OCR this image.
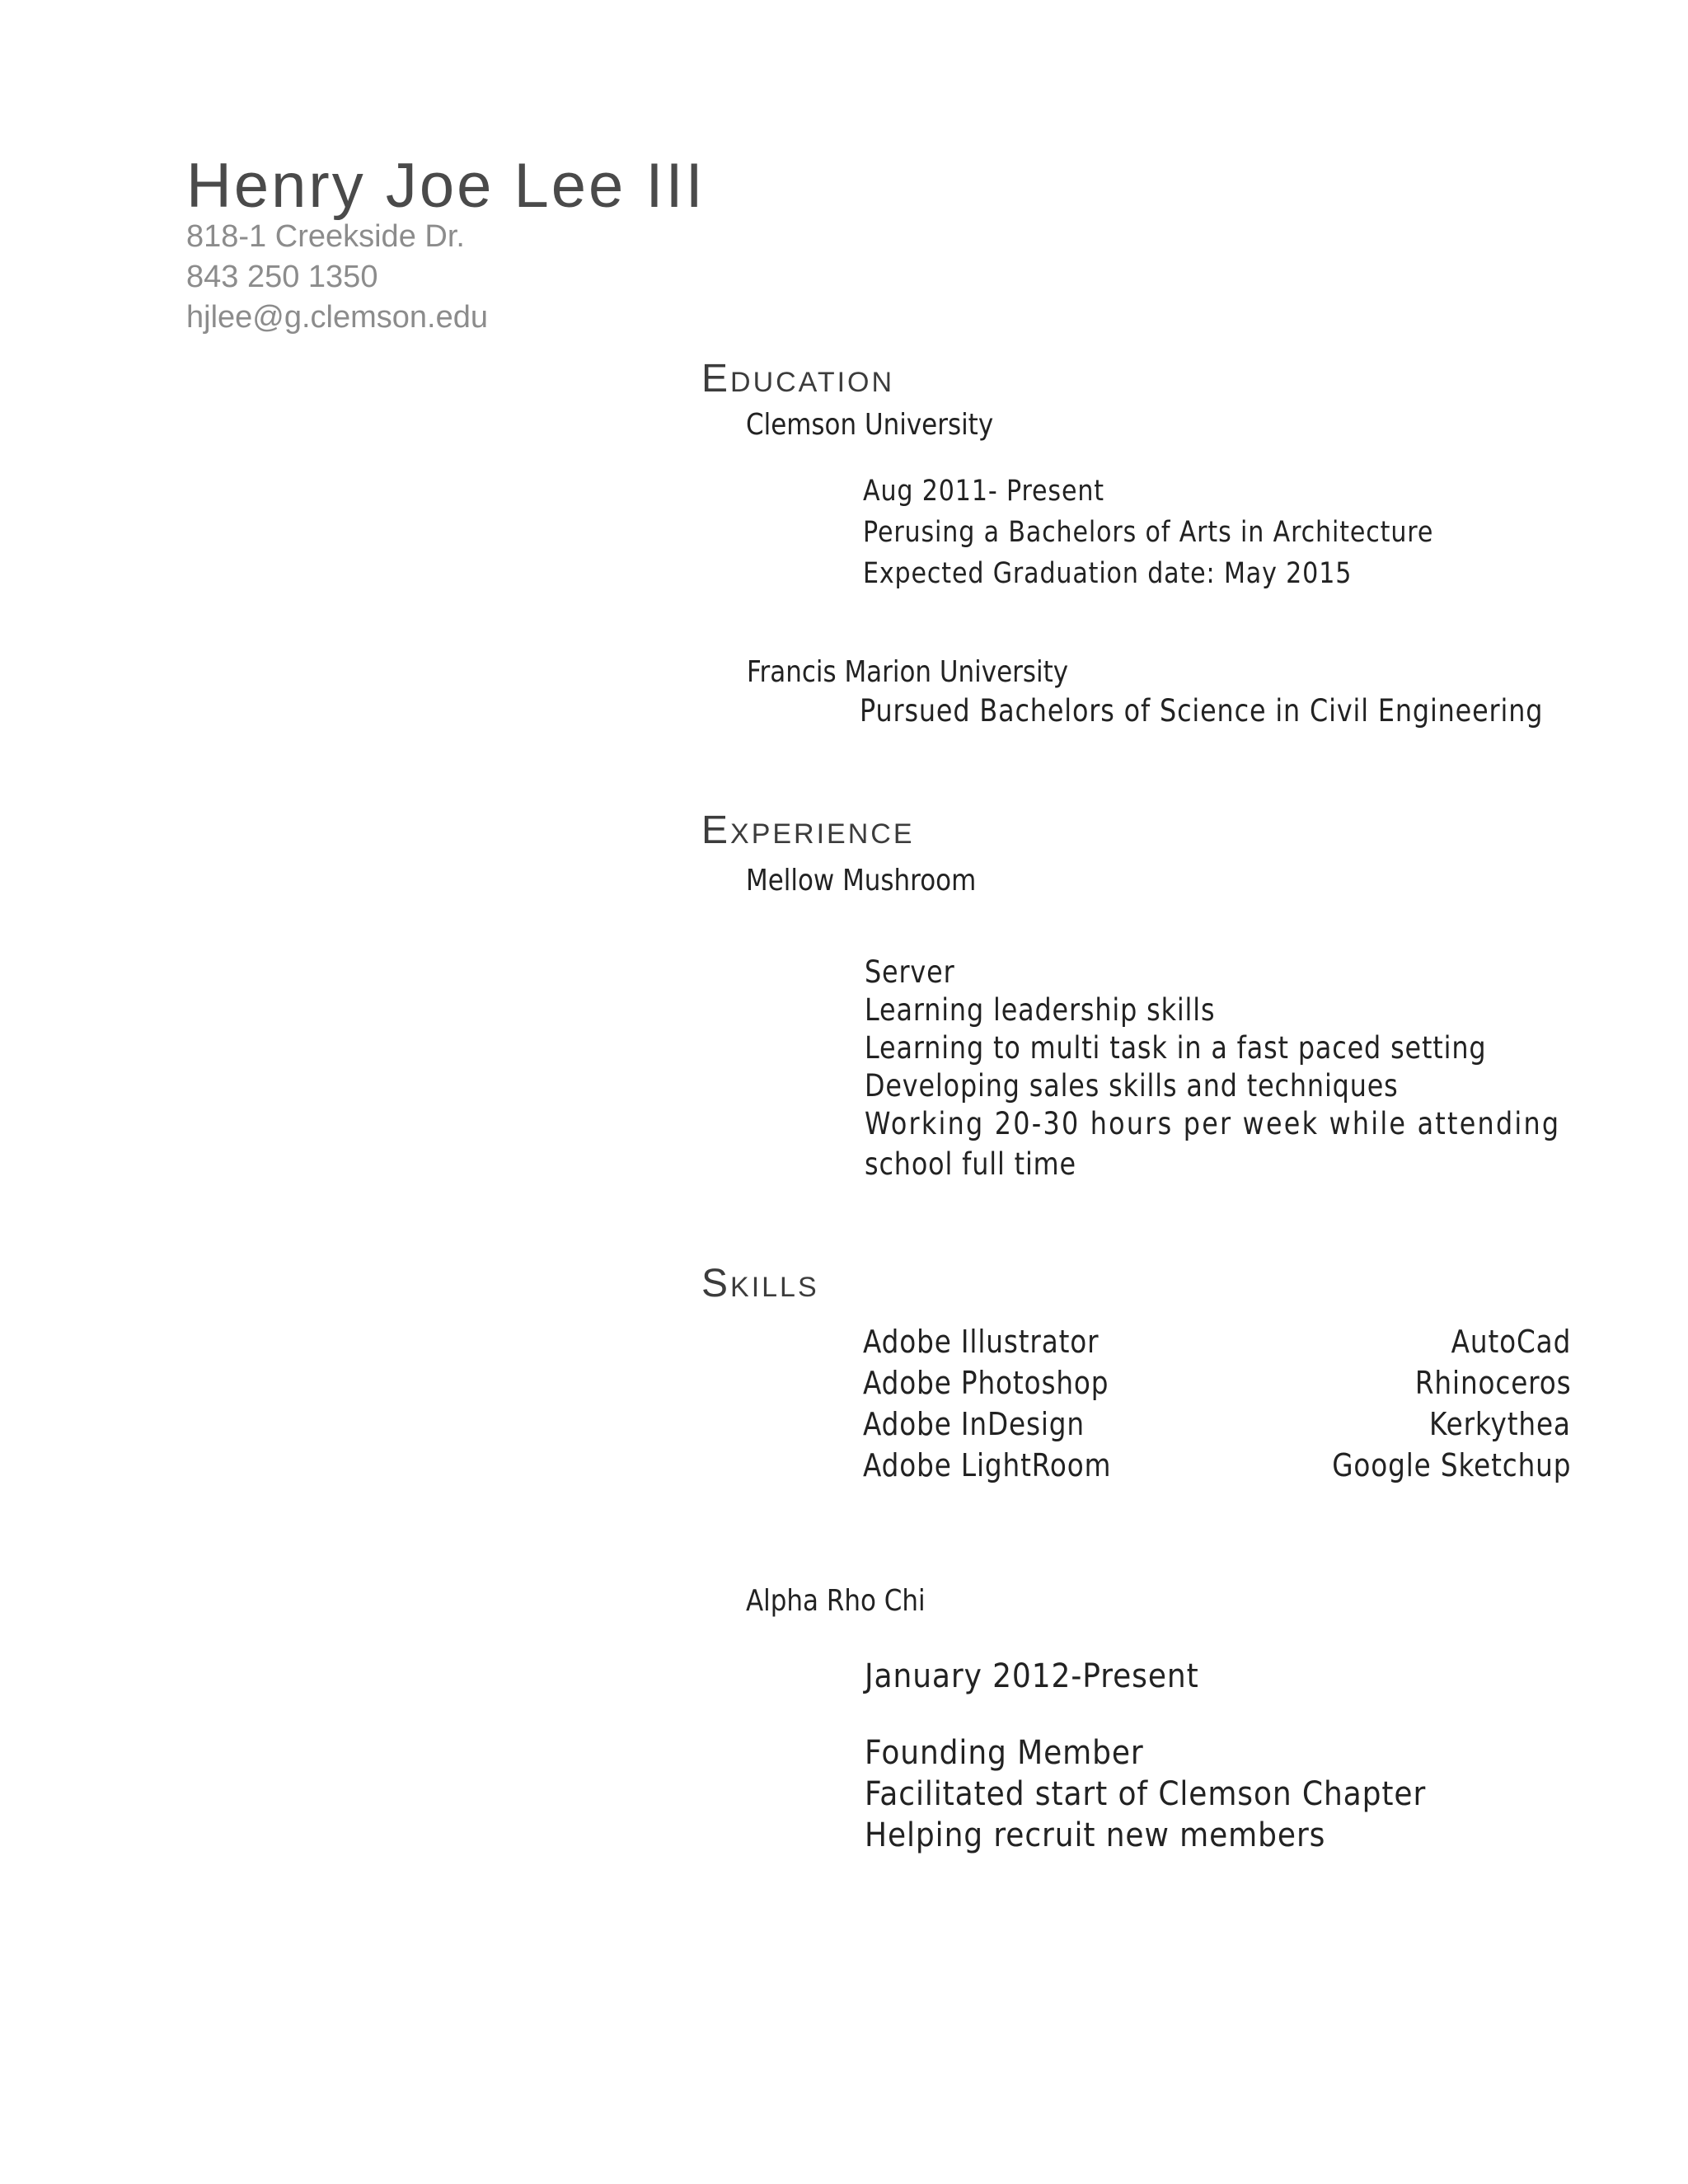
Henry Joe Lee III
818-1 Creekside Dr.
843 250 1350
hjlee@g.clemson.edu
Education
Clemson University
Aug 2011- Present
Perusing a Bachelors of Arts in Architecture
Expected Graduation date: May 2015
Francis Marion University
Pursued Bachelors of Science in Civil Engineering
Experience
Mellow Mushroom
Server
Learning leadership skills
Learning to multi task in a fast paced setting
Developing sales skills and techniques
Working 20-30 hours per week while attending
school full time
Skills
Adobe Illustrator
Adobe Photoshop
Adobe InDesign
Adobe LightRoom
AutoCad
Rhinoceros
Kerkythea
Google Sketchup
Alpha Rho Chi
January 2012-Present
Founding Member
Facilitated start of Clemson Chapter
Helping recruit new members
